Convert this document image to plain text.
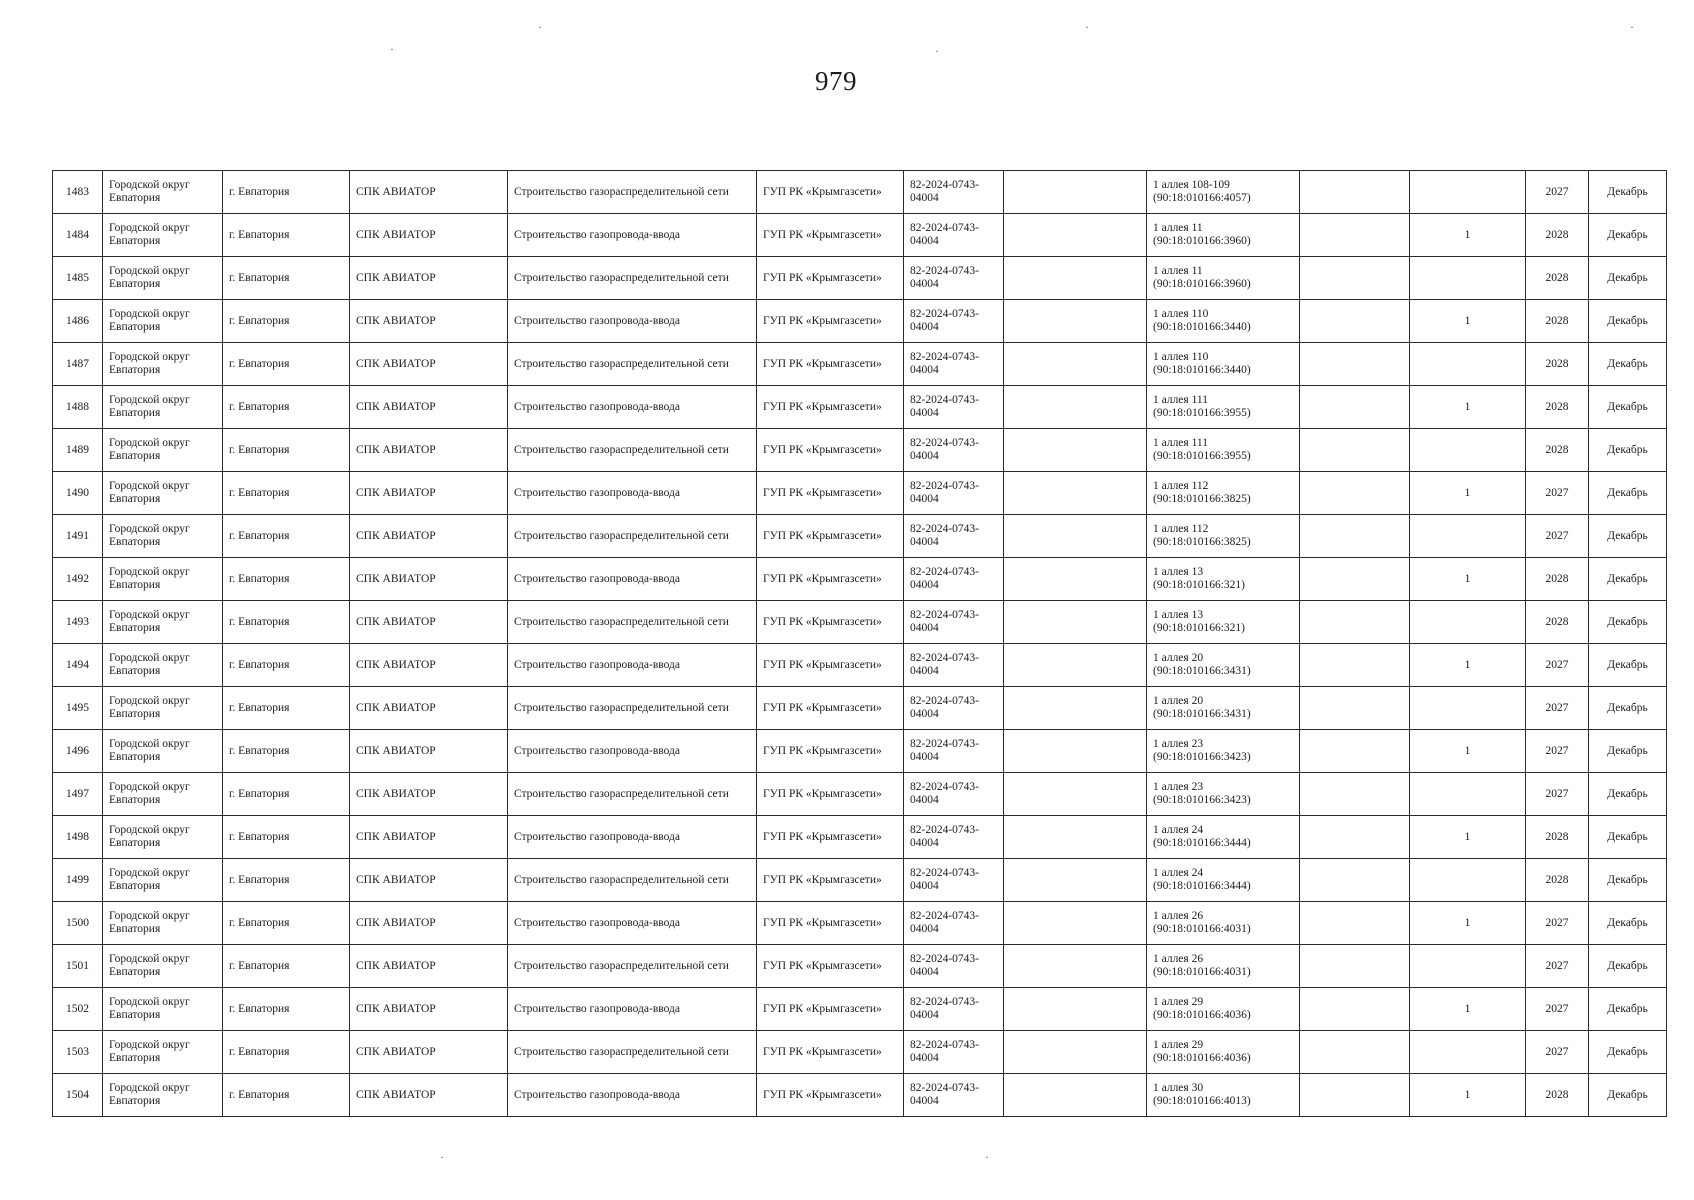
979
·
·
·
·	·
·	·
1483	Городской округ Евпатория	г. Евпатория	СПК АВИАТОР	Строительство газораспределительной сети	ГУП РК «Крымгазсети»	82-2024-0743-04004		1 аллея 108-109 (90:18:010166:4057)			2027	Декабрь
1484	Городской округ Евпатория	г. Евпатория	СПК АВИАТОР	Строительство газопровода-ввода	ГУП РК «Крымгазсети»	82-2024-0743-04004		1 аллея 11 (90:18:010166:3960)		1	2028	Декабрь
1485	Городской округ Евпатория	г. Евпатория	СПК АВИАТОР	Строительство газораспределительной сети	ГУП РК «Крымгазсети»	82-2024-0743-04004		1 аллея 11 (90:18:010166:3960)			2028	Декабрь
1486	Городской округ Евпатория	г. Евпатория	СПК АВИАТОР	Строительство газопровода-ввода	ГУП РК «Крымгазсети»	82-2024-0743-04004		1 аллея 110 (90:18:010166:3440)		1	2028	Декабрь
1487	Городской округ Евпатория	г. Евпатория	СПК АВИАТОР	Строительство газораспределительной сети	ГУП РК «Крымгазсети»	82-2024-0743-04004		1 аллея 110 (90:18:010166:3440)			2028	Декабрь
1488	Городской округ Евпатория	г. Евпатория	СПК АВИАТОР	Строительство газопровода-ввода	ГУП РК «Крымгазсети»	82-2024-0743-04004		1 аллея 111 (90:18:010166:3955)		1	2028	Декабрь
1489	Городской округ Евпатория	г. Евпатория	СПК АВИАТОР	Строительство газораспределительной сети	ГУП РК «Крымгазсети»	82-2024-0743-04004		1 аллея 111 (90:18:010166:3955)			2028	Декабрь
1490	Городской округ Евпатория	г. Евпатория	СПК АВИАТОР	Строительство газопровода-ввода	ГУП РК «Крымгазсети»	82-2024-0743-04004		1 аллея 112 (90:18:010166:3825)		1	2027	Декабрь
1491	Городской округ Евпатория	г. Евпатория	СПК АВИАТОР	Строительство газораспределительной сети	ГУП РК «Крымгазсети»	82-2024-0743-04004		1 аллея 112 (90:18:010166:3825)			2027	Декабрь
1492	Городской округ Евпатория	г. Евпатория	СПК АВИАТОР	Строительство газопровода-ввода	ГУП РК «Крымгазсети»	82-2024-0743-04004		1 аллея 13 (90:18:010166:321)		1	2028	Декабрь
1493	Городской округ Евпатория	г. Евпатория	СПК АВИАТОР	Строительство газораспределительной сети	ГУП РК «Крымгазсети»	82-2024-0743-04004		1 аллея 13 (90:18:010166:321)			2028	Декабрь
1494	Городской округ Евпатория	г. Евпатория	СПК АВИАТОР	Строительство газопровода-ввода	ГУП РК «Крымгазсети»	82-2024-0743-04004		1 аллея 20 (90:18:010166:3431)		1	2027	Декабрь
1495	Городской округ Евпатория	г. Евпатория	СПК АВИАТОР	Строительство газораспределительной сети	ГУП РК «Крымгазсети»	82-2024-0743-04004		1 аллея 20 (90:18:010166:3431)			2027	Декабрь
1496	Городской округ Евпатория	г. Евпатория	СПК АВИАТОР	Строительство газопровода-ввода	ГУП РК «Крымгазсети»	82-2024-0743-04004		1 аллея 23 (90:18:010166:3423)		1	2027	Декабрь
1497	Городской округ Евпатория	г. Евпатория	СПК АВИАТОР	Строительство газораспределительной сети	ГУП РК «Крымгазсети»	82-2024-0743-04004		1 аллея 23 (90:18:010166:3423)			2027	Декабрь
1498	Городской округ Евпатория	г. Евпатория	СПК АВИАТОР	Строительство газопровода-ввода	ГУП РК «Крымгазсети»	82-2024-0743-04004		1 аллея 24 (90:18:010166:3444)		1	2028	Декабрь
1499	Городской округ Евпатория	г. Евпатория	СПК АВИАТОР	Строительство газораспределительной сети	ГУП РК «Крымгазсети»	82-2024-0743-04004		1 аллея 24 (90:18:010166:3444)			2028	Декабрь
1500	Городской округ Евпатория	г. Евпатория	СПК АВИАТОР	Строительство газопровода-ввода	ГУП РК «Крымгазсети»	82-2024-0743-04004		1 аллея 26 (90:18:010166:4031)		1	2027	Декабрь
1501	Городской округ Евпатория	г. Евпатория	СПК АВИАТОР	Строительство газораспределительной сети	ГУП РК «Крымгазсети»	82-2024-0743-04004		1 аллея 26 (90:18:010166:4031)			2027	Декабрь
1502	Городской округ Евпатория	г. Евпатория	СПК АВИАТОР	Строительство газопровода-ввода	ГУП РК «Крымгазсети»	82-2024-0743-04004		1 аллея 29 (90:18:010166:4036)		1	2027	Декабрь
1503	Городской округ Евпатория	г. Евпатория	СПК АВИАТОР	Строительство газораспределительной сети	ГУП РК «Крымгазсети»	82-2024-0743-04004		1 аллея 29 (90:18:010166:4036)			2027	Декабрь
1504	Городской округ Евпатория	г. Евпатория	СПК АВИАТОР	Строительство газопровода-ввода	ГУП РК «Крымгазсети»	82-2024-0743-04004		1 аллея 30 (90:18:010166:4013)		1	2028	Декабрь
